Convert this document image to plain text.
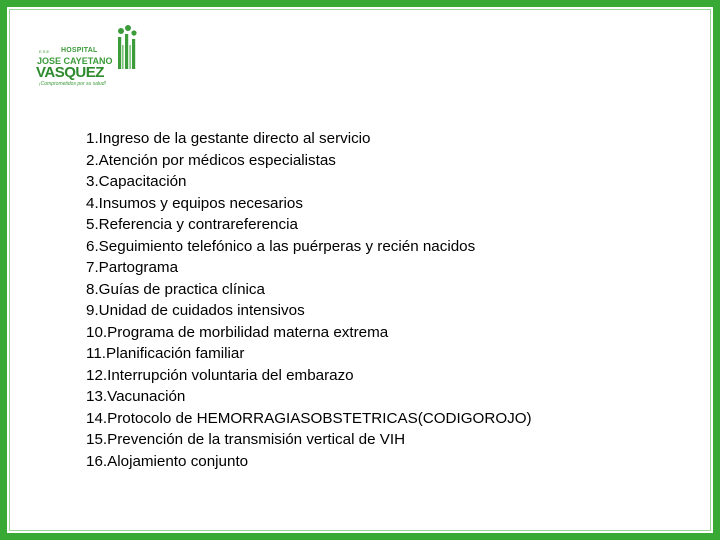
E.S.E. HOSPITAL
JOSE CAYETANO
VASQUEZ
¡Comprometidos por su salud!
1.Ingreso de la gestante directo al servicio
2.Atención por médicos especialistas
3.Capacitación
4.Insumos y equipos necesarios
5.Referencia y contrareferencia
6.Seguimiento telefónico a las puérperas y recién nacidos
7.Partograma
8.Guías de practica clínica
9.Unidad de cuidados intensivos
10.Programa de morbilidad materna extrema
11.Planificación familiar
12.Interrupción voluntaria del embarazo
13.Vacunación
14.Protocolo de HEMORRAGIASOBSTETRICAS(CODIGOROJO)
15.Prevención de la transmisión vertical de VIH
16.Alojamiento conjunto
